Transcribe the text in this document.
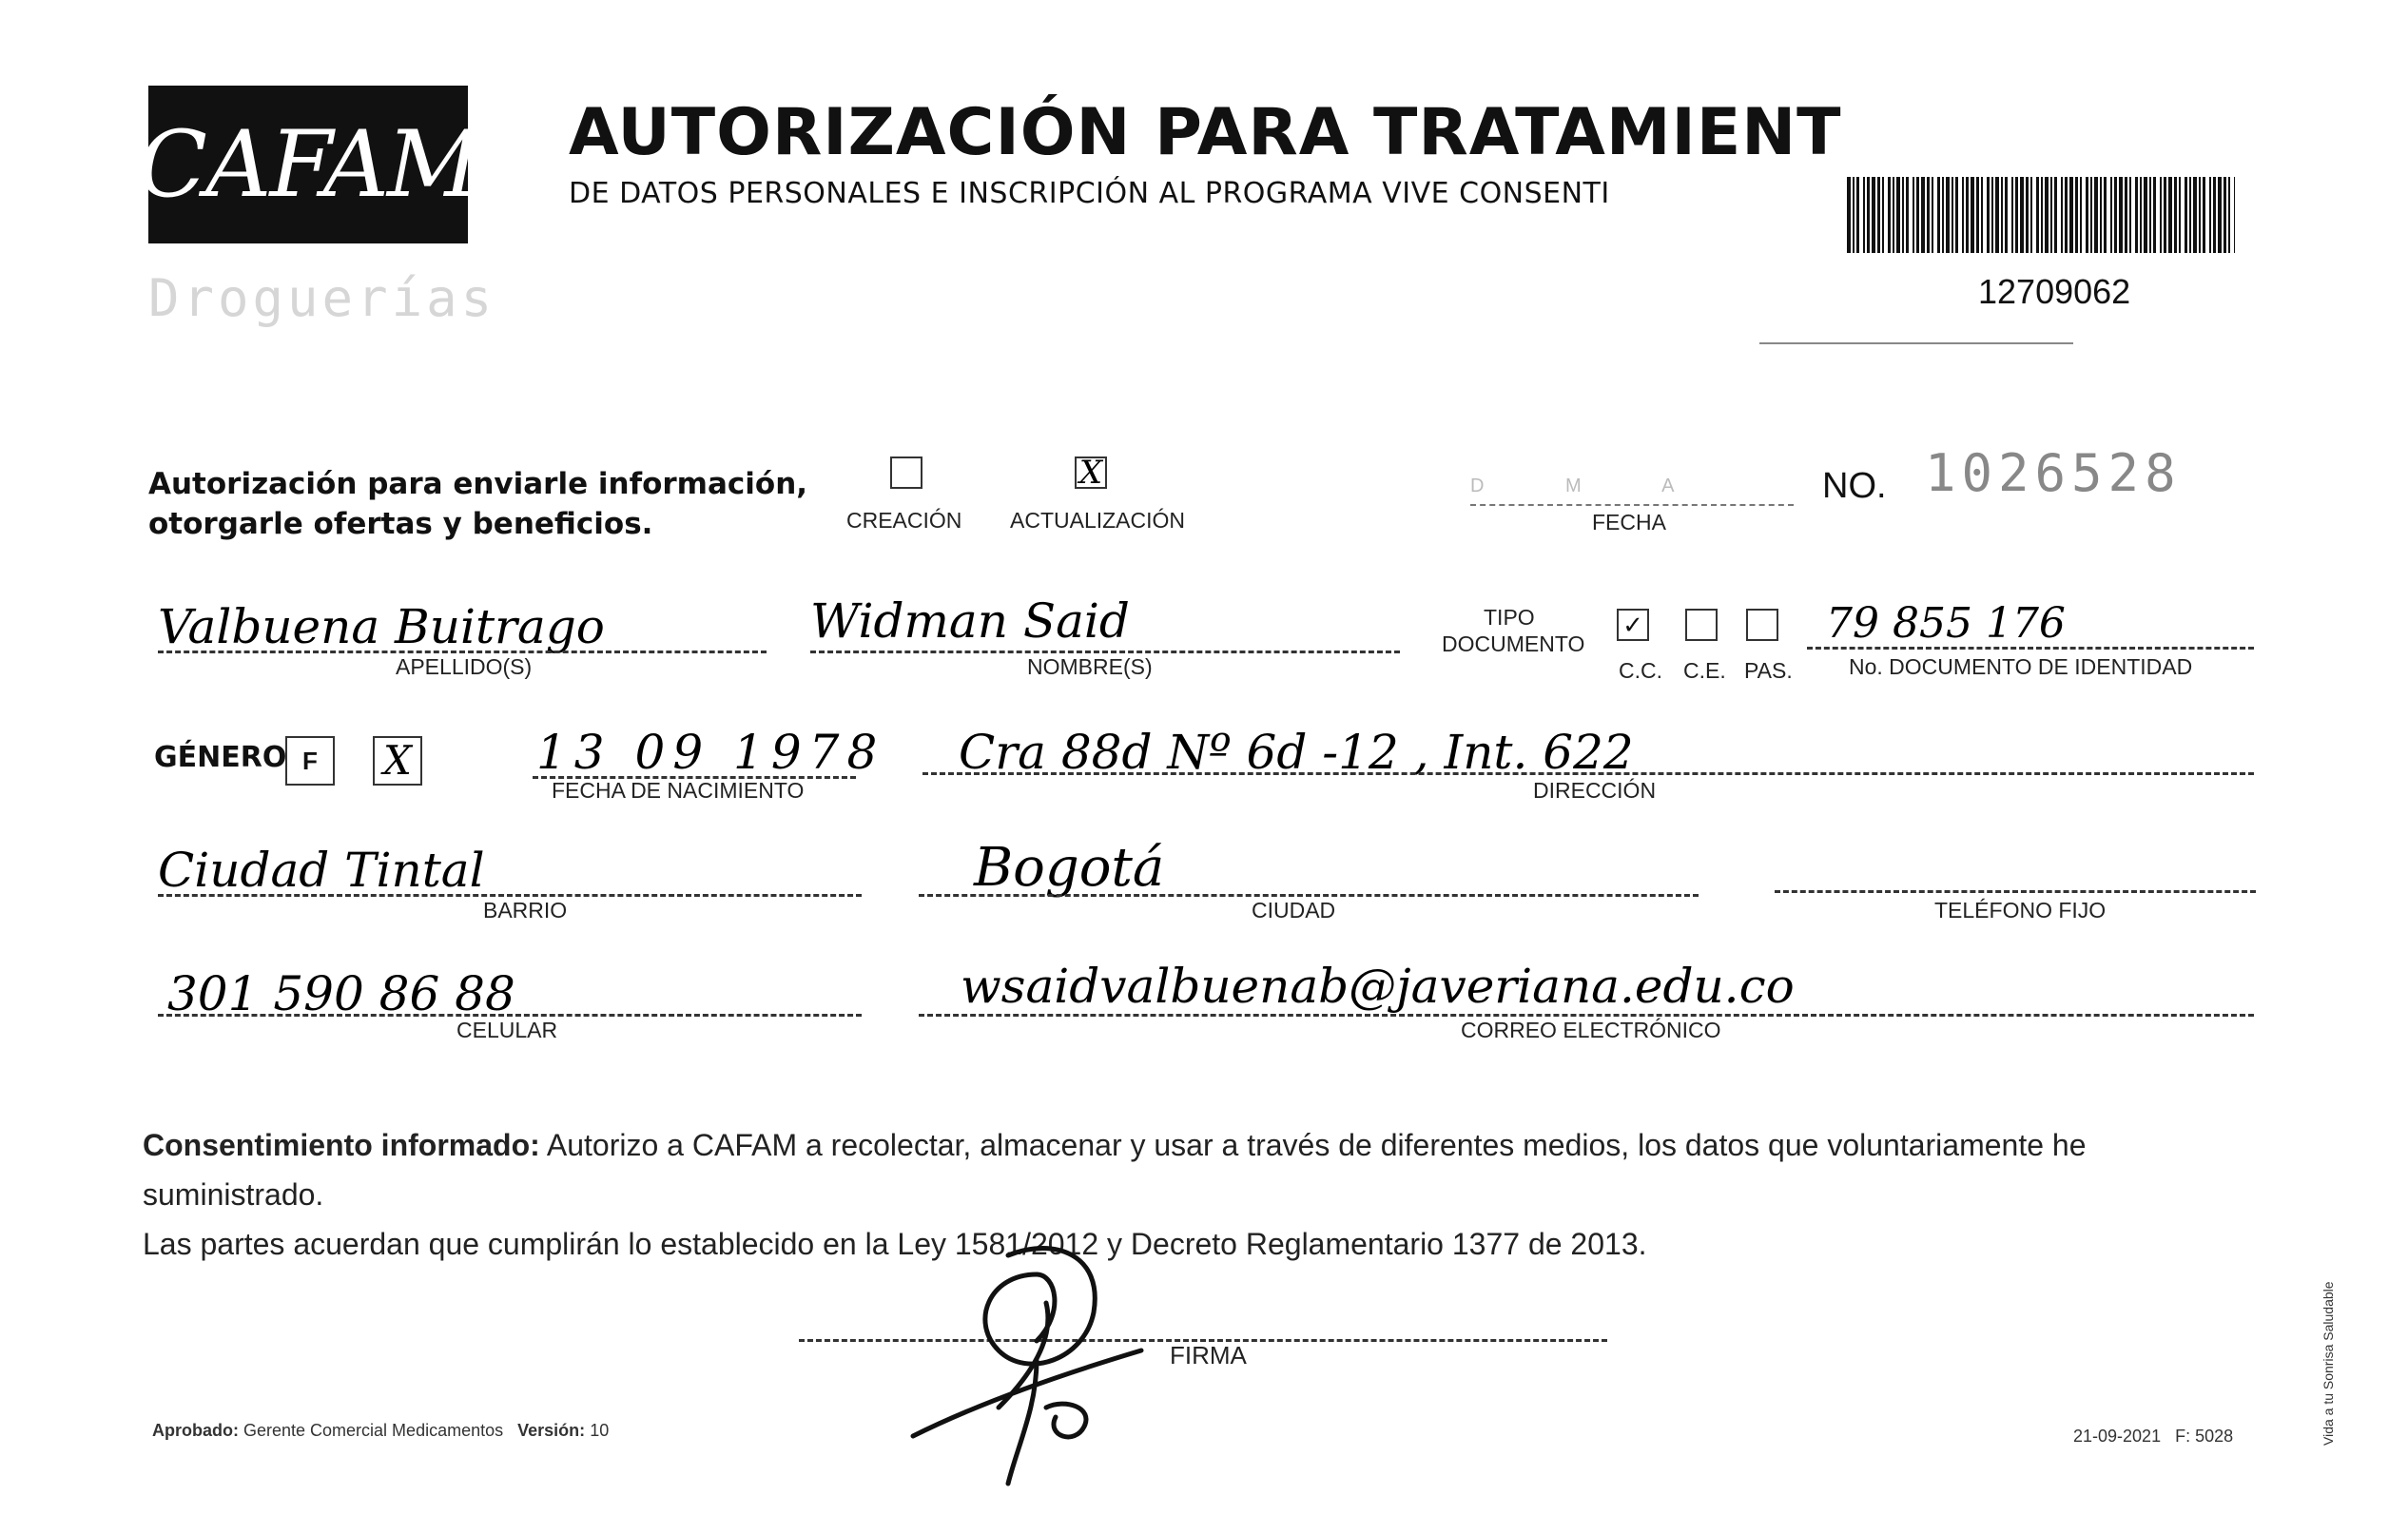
CAFAM
Droguerías
AUTORIZACIÓN PARA TRATAMIENT
DE DATOS PERSONALES E INSCRIPCIÓN AL PROGRAMA VIVE CONSENTI
12709062
Autorización para enviarle información,
otorgarle ofertas y beneficios.	CREACIÓN
X
ACTUALIZACIÓN
D M A
FECHA
NO. 1026528
Valbuena Buitrago
APELLIDO(S)
Widman Said
NOMBRE(S)
TIPO
DOCUMENTO
✓
C.C. C.E. PAS.
79 855 176
No. DOCUMENTO DE IDENTIDAD
GÉNERO F	X	13 09 1978
FECHA DE NACIMIENTO
Cra 88d Nº 6d -12 , Int. 622
DIRECCIÓN
Ciudad Tintal
BARRIO
Bogotá
CIUDAD	TELÉFONO FIJO
301 590 86 88
CELULAR
wsaidvalbuenab@javeriana.edu.co
CORREO ELECTRÓNICO
Consentimiento informado: Autorizo a CAFAM a recolectar, almacenar y usar a través de diferentes medios, los datos que voluntariamente he suministrado.
Las partes acuerdan que cumplirán lo establecido en la Ley 1581/2012 y Decreto Reglamentario 1377 de 2013.
FIRMA
Aprobado: Gerente Comercial Medicamentos Versión: 10	21-09-2021 F: 5028	Vida a tu Sonrisa Saludable
